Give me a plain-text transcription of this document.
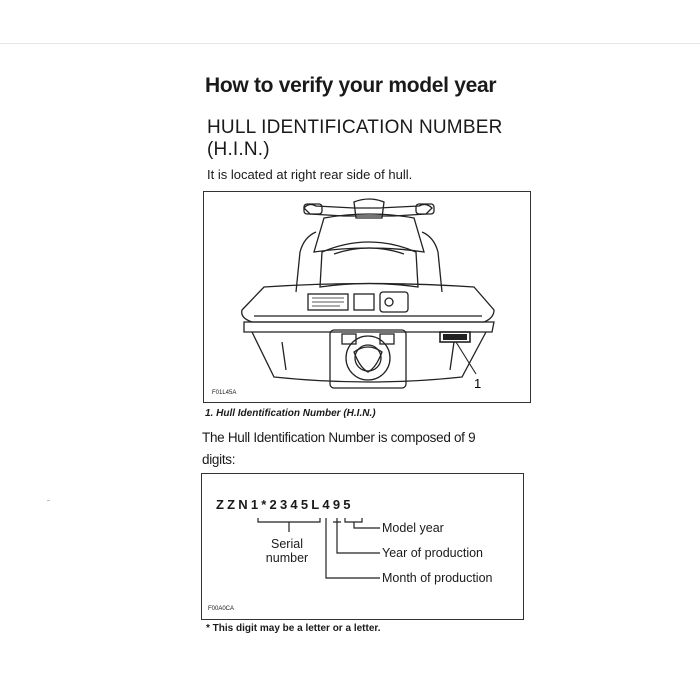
How to verify your model year
HULL IDENTIFICATION NUMBER
(H.I.N.)

It is located at right rear side of hull.

1
F01L45A
1. Hull Identification Number (H.I.N.)

The Hull Identification Number is composed of 9
digits:

ZZN1*2345L495
Serial
number
Model year
Year of production
Month of production
F00A0CA
* This digit may be a letter or a letter.
